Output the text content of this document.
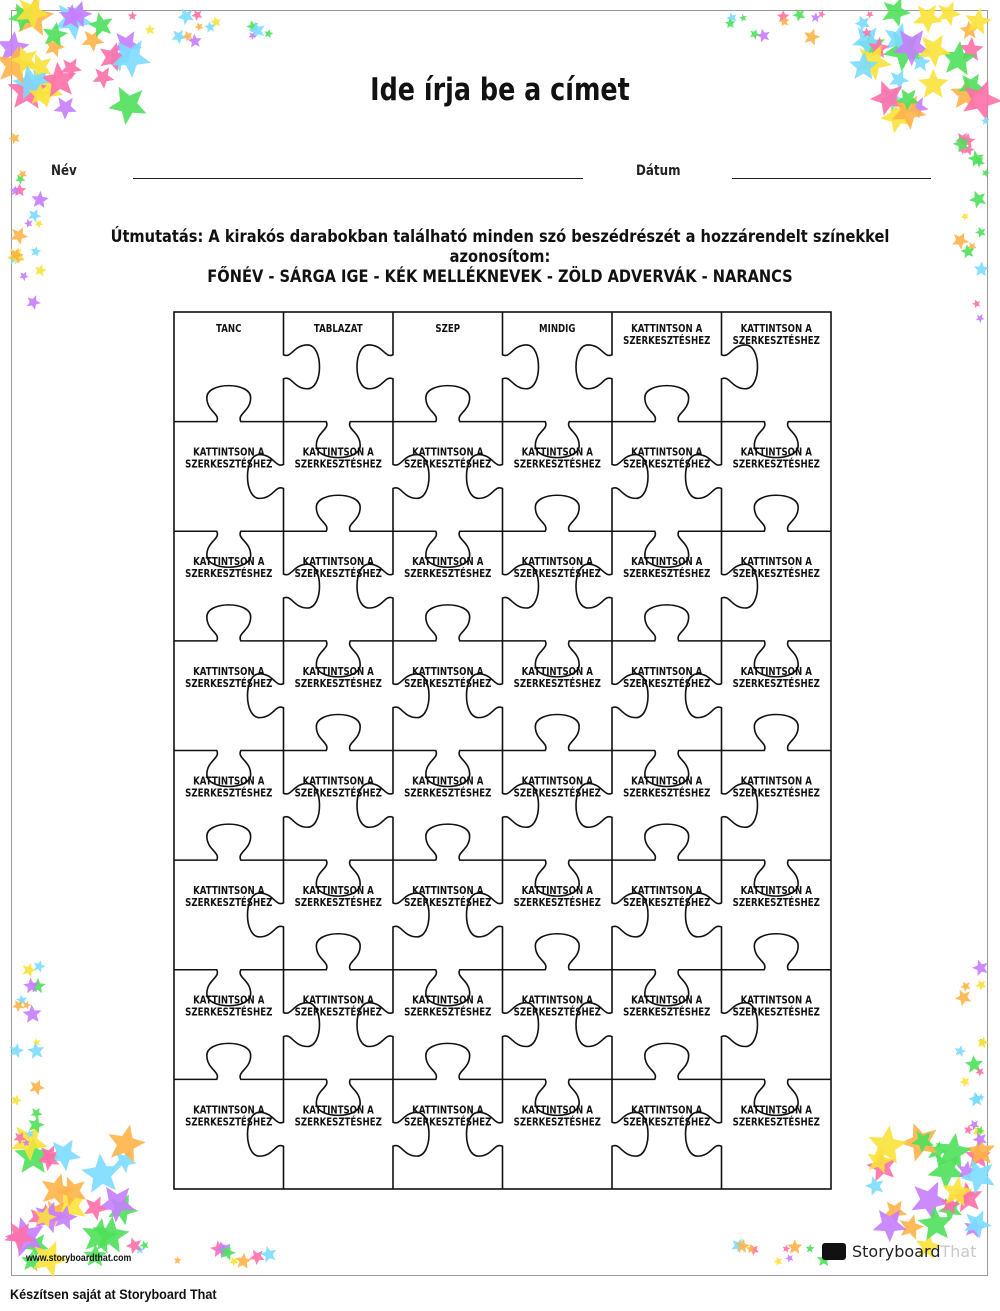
Ide írja be a címet
Név	Dátum
Útmutatás: A kirakós darabokban található minden szó beszédrészét a hozzárendelt színekkel azonosítom:
FŐNÉV - SÁRGA IGE - KÉK MELLÉKNEVEK - ZÖLD ADVERVÁK - NARANCS
TANC	TABLAZAT	SZEP	MINDIG	KATTINTSON A
SZERKESZTÉSHEZ
KATTINTSON A
SZERKESZTÉSHEZ
KATTINTSON A
SZERKESZTÉSHEZ
KATTINTSON A
SZERKESZTÉSHEZ
KATTINTSON A
SZERKESZTÉSHEZ
KATTINTSON A
SZERKESZTÉSHEZ
KATTINTSON A
SZERKESZTÉSHEZ
KATTINTSON A
SZERKESZTÉSHEZ
KATTINTSON A
SZERKESZTÉSHEZ
KATTINTSON A
SZERKESZTÉSHEZ
KATTINTSON A
SZERKESZTÉSHEZ
KATTINTSON A
SZERKESZTÉSHEZ
KATTINTSON A
SZERKESZTÉSHEZ
KATTINTSON A
SZERKESZTÉSHEZ
KATTINTSON A
SZERKESZTÉSHEZ
KATTINTSON A
SZERKESZTÉSHEZ
KATTINTSON A
SZERKESZTÉSHEZ
KATTINTSON A
SZERKESZTÉSHEZ
KATTINTSON A
SZERKESZTÉSHEZ
KATTINTSON A
SZERKESZTÉSHEZ
KATTINTSON A
SZERKESZTÉSHEZ
KATTINTSON A
SZERKESZTÉSHEZ
KATTINTSON A
SZERKESZTÉSHEZ
KATTINTSON A
SZERKESZTÉSHEZ
KATTINTSON A
SZERKESZTÉSHEZ
KATTINTSON A
SZERKESZTÉSHEZ
KATTINTSON A
SZERKESZTÉSHEZ
KATTINTSON A
SZERKESZTÉSHEZ
KATTINTSON A
SZERKESZTÉSHEZ
KATTINTSON A
SZERKESZTÉSHEZ
KATTINTSON A
SZERKESZTÉSHEZ
KATTINTSON A
SZERKESZTÉSHEZ
KATTINTSON A
SZERKESZTÉSHEZ
KATTINTSON A
SZERKESZTÉSHEZ
KATTINTSON A
SZERKESZTÉSHEZ
KATTINTSON A
SZERKESZTÉSHEZ
KATTINTSON A
SZERKESZTÉSHEZ
KATTINTSON A
SZERKESZTÉSHEZ
KATTINTSON A
SZERKESZTÉSHEZ
KATTINTSON A
SZERKESZTÉSHEZ
KATTINTSON A
SZERKESZTÉSHEZ
KATTINTSON A
SZERKESZTÉSHEZ
KATTINTSON A
SZERKESZTÉSHEZ
KATTINTSON A
SZERKESZTÉSHEZ
www.storyboardthat.com	StoryboardThat
Készítsen saját at Storyboard That
